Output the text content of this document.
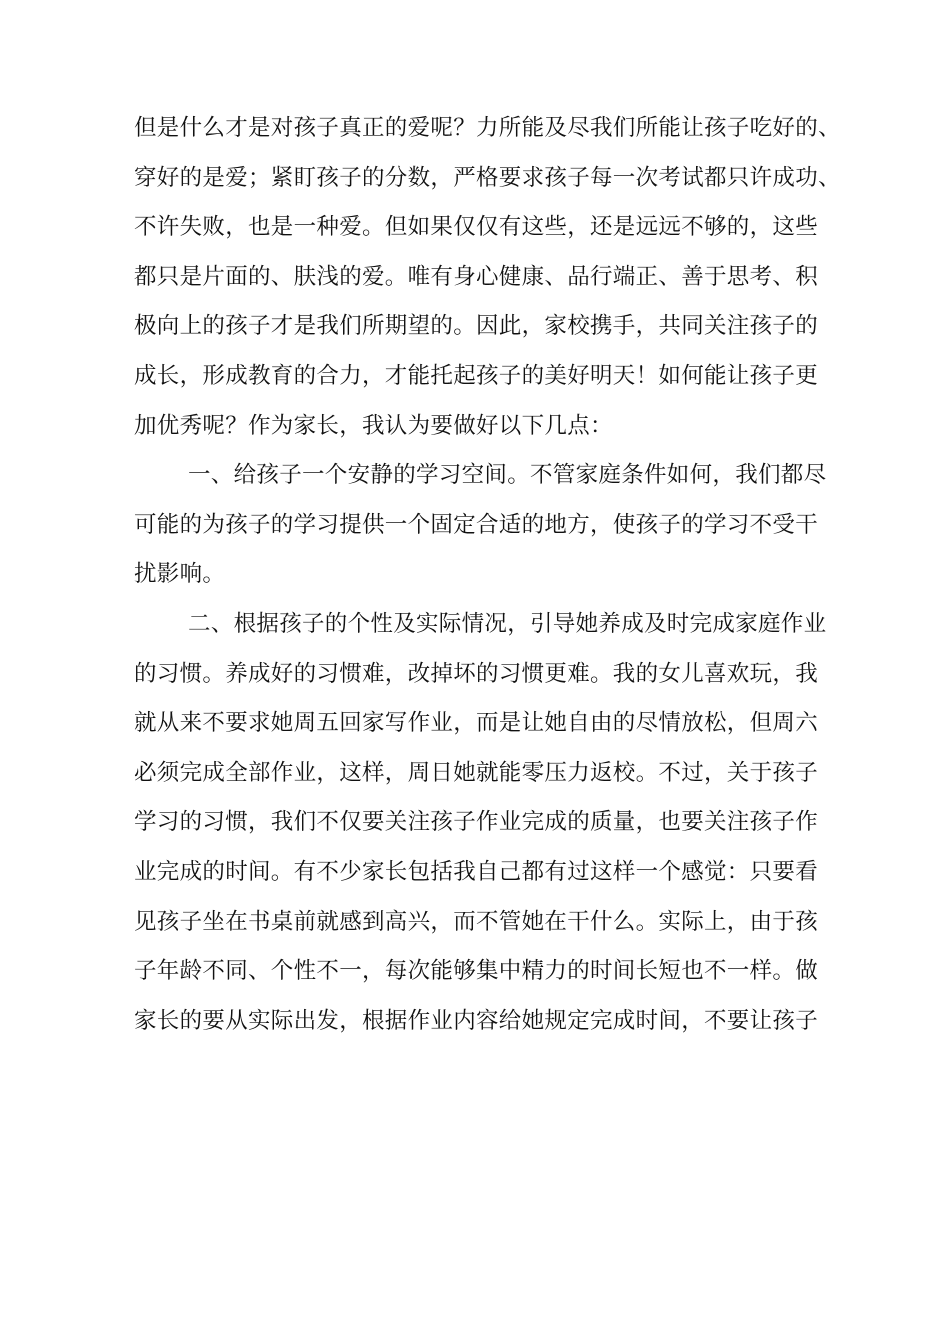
但是什么才是对孩子真正的爱呢？力所能及尽我们所能让孩子吃好的、
穿好的是爱；紧盯孩子的分数，严格要求孩子每一次考试都只许成功、
不许失败，也是一种爱。但如果仅仅有这些，还是远远不够的，这些
都只是片面的、肤浅的爱。唯有身心健康、品行端正、善于思考、积
极向上的孩子才是我们所期望的。因此，家校携手，共同关注孩子的
成长，形成教育的合力，才能托起孩子的美好明天！如何能让孩子更
加优秀呢？作为家长，我认为要做好以下几点：
一、给孩子一个安静的学习空间。不管家庭条件如何，我们都尽
可能的为孩子的学习提供一个固定合适的地方，使孩子的学习不受干
扰影响。
二、根据孩子的个性及实际情况，引导她养成及时完成家庭作业
的习惯。养成好的习惯难，改掉坏的习惯更难。我的女儿喜欢玩，我
就从来不要求她周五回家写作业，而是让她自由的尽情放松，但周六
必须完成全部作业，这样，周日她就能零压力返校。不过，关于孩子
学习的习惯，我们不仅要关注孩子作业完成的质量，也要关注孩子作
业完成的时间。有不少家长包括我自己都有过这样一个感觉：只要看
见孩子坐在书桌前就感到高兴，而不管她在干什么。实际上，由于孩
子年龄不同、个性不一，每次能够集中精力的时间长短也不一样。做
家长的要从实际出发，根据作业内容给她规定完成时间，不要让孩子
